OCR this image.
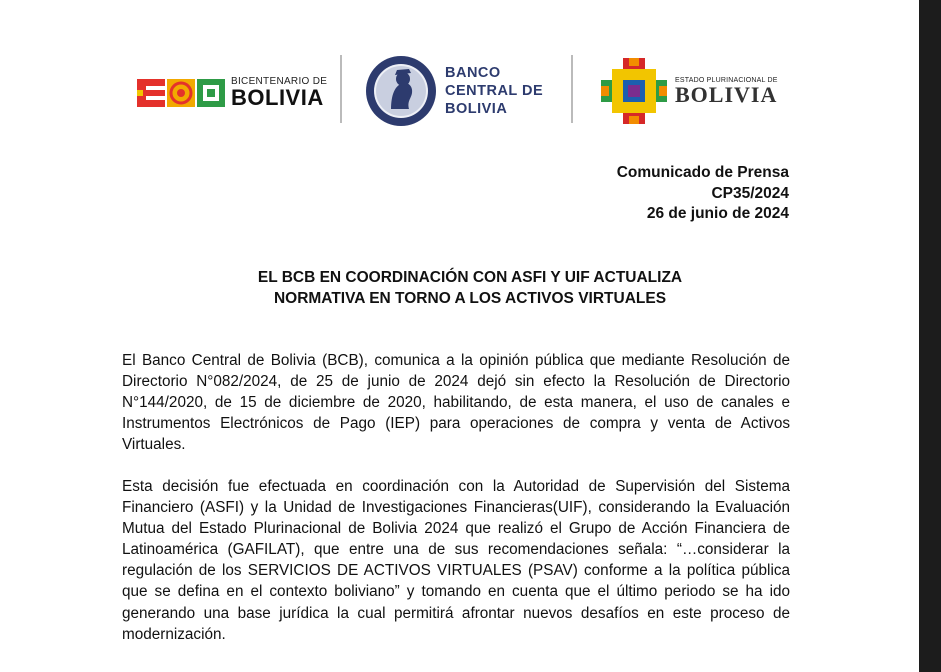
BICENTENARIO DE
BOLIVIA
BANCO
CENTRAL DE
BOLIVIA
ESTADO PLURINACIONAL DE
BOLIVIA
Comunicado de Prensa
CP35/2024
26 de junio de 2024
EL BCB EN COORDINACIÓN CON ASFI Y UIF ACTUALIZA
NORMATIVA EN TORNO A LOS ACTIVOS VIRTUALES

El Banco Central de Bolivia (BCB), comunica a la opinión pública que mediante Resolución de Directorio N°082/2024, de 25 de junio de 2024 dejó sin efecto la Resolución de Directorio N°144/2020, de 15 de diciembre de 2020, habilitando, de esta manera, el uso de canales e Instrumentos Electrónicos de Pago (IEP) para operaciones de compra y venta de Activos Virtuales.

Esta decisión fue efectuada en coordinación con la Autoridad de Supervisión del Sistema Financiero (ASFI) y la Unidad de Investigaciones Financieras(UIF), considerando la Evaluación Mutua del Estado Plurinacional de Bolivia 2024 que realizó el Grupo de Acción Financiera de Latinoamérica (GAFILAT), que entre una de sus recomendaciones señala: “…considerar la regulación de los SERVICIOS DE ACTIVOS VIRTUALES (PSAV) conforme a la política pública que se defina en el contexto boliviano” y tomando en cuenta que el último periodo se ha ido generando una base jurídica la cual permitirá afrontar nuevos desafíos en este proceso de modernización.
